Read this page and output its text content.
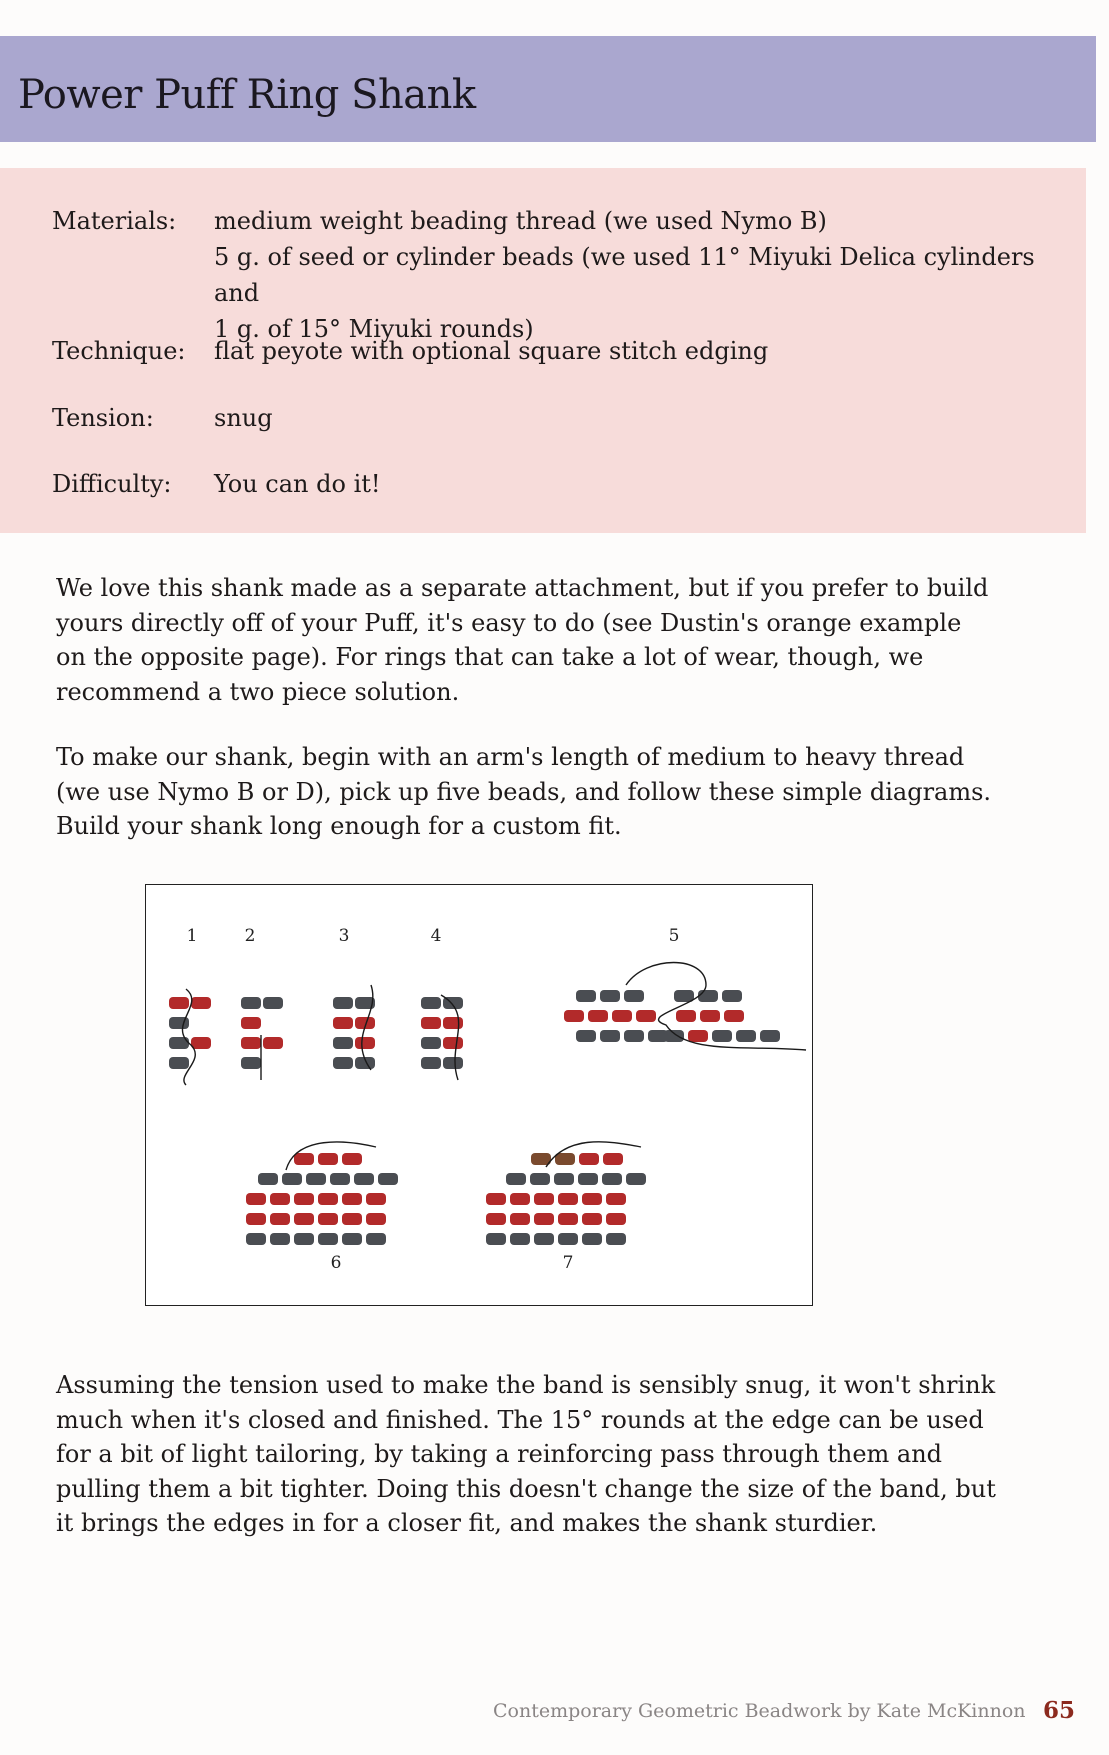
Power Puff Ring Shank
Materials:	medium weight beading thread (we used Nymo B)
5 g. of seed or cylinder beads (we used 11° Miyuki Delica cylinders and
1 g. of 15° Miyuki rounds)
Technique:	flat peyote with optional square stitch edging
Tension:	snug
Difficulty:	You can do it!

We love this shank made as a separate attachment, but if you prefer to build yours directly off of your Puff, it's easy to do (see Dustin's orange example on the opposite page). For rings that can take a lot of wear, though, we recommend a two piece solution.

To make our shank, begin with an arm's length of medium to heavy thread (we use Nymo B or D), pick up five beads, and follow these simple diagrams. Build your shank long enough for a custom fit.

1	2	3	4	5
6	7

Assuming the tension used to make the band is sensibly snug, it won't shrink much when it's closed and finished. The 15° rounds at the edge can be used for a bit of light tailoring, by taking a reinforcing pass through them and pulling them a bit tighter. Doing this doesn't change the size of the band, but it brings the edges in for a closer fit, and makes the shank sturdier.

Contemporary Geometric Beadwork by Kate McKinnon 65
